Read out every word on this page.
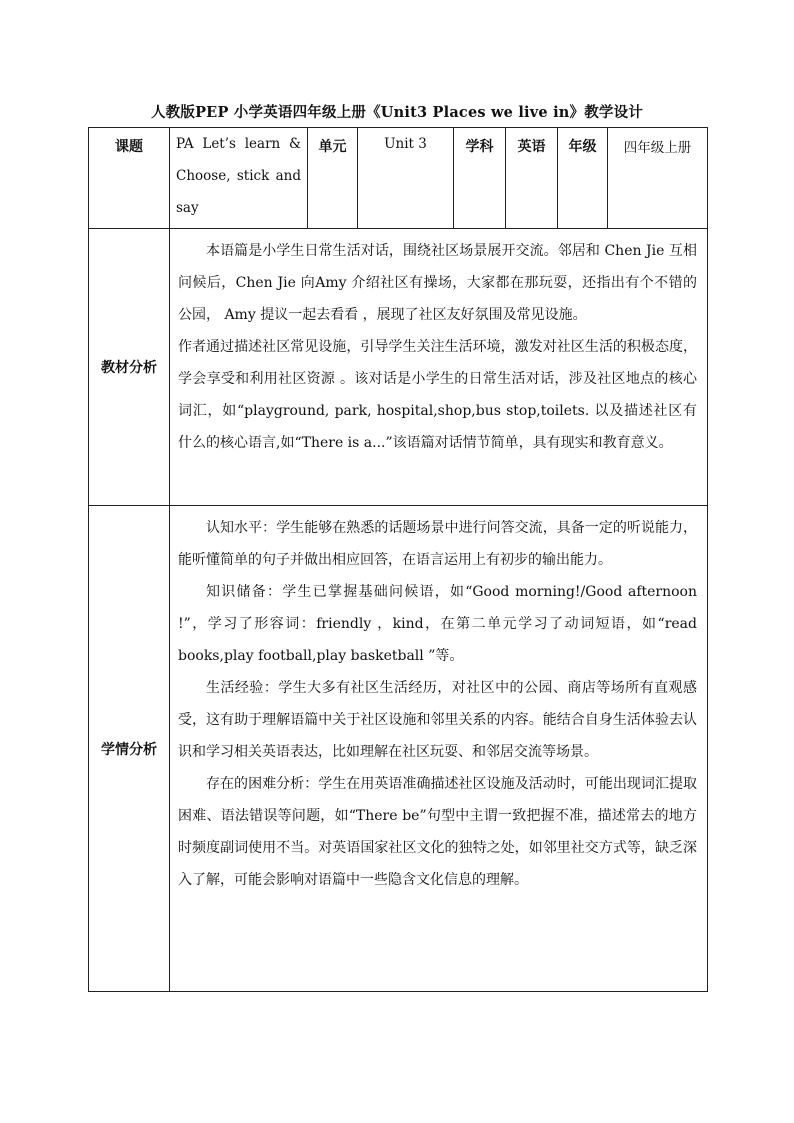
人教版PEP 小学英语四年级上册《Unit3 Places we live in》教学设计
课题	PA Let’s learn &
Choose, stick and
say	单元	Unit 3	学科	英语	年级	四年级上册
教材分析	本语篇是小学生日常生活对话，围绕社区场景展开交流。邻居和 Chen Jie 互相问候后，Chen Jie 向Amy 介绍社区有操场，大家都在那玩耍，还指出有个不错的公园， Amy 提议一起去看看 ，展现了社区友好氛围及常见设施。

作者通过描述社区常见设施，引导学生关注生活环境，激发对社区生活的积极态度，学会享受和利用社区资源 。该对话是小学生的日常生活对话，涉及社区地点的核心词汇，如“playground, park, hospital,shop,bus stop,toilets. 以及描述社区有什么的核心语言,如“There is a...”该语篇对话情节简单，具有现实和教育意义。						

学情分析	认知水平：学生能够在熟悉的话题场景中进行问答交流，具备一定的听说能力，能听懂简单的句子并做出相应回答，在语言运用上有初步的输出能力。

知识储备：学生已掌握基础问候语，如“Good morning!/Good afternoon !”，学习了形容词：friendly ，kind，在第二单元学习了动词短语，如“read books,play football,play basketball ”等。

生活经验：学生大多有社区生活经历，对社区中的公园、商店等场所有直观感受，这有助于理解语篇中关于社区设施和邻里关系的内容。能结合自身生活体验去认识和学习相关英语表达，比如理解在社区玩耍、和邻居交流等场景。

存在的困难分析：学生在用英语准确描述社区设施及活动时，可能出现词汇提取困难、语法错误等问题，如“There be”句型中主谓一致把握不准，描述常去的地方时频度副词使用不当。对英语国家社区文化的独特之处，如邻里社交方式等，缺乏深入了解，可能会影响对语篇中一些隐含文化信息的理解。						
